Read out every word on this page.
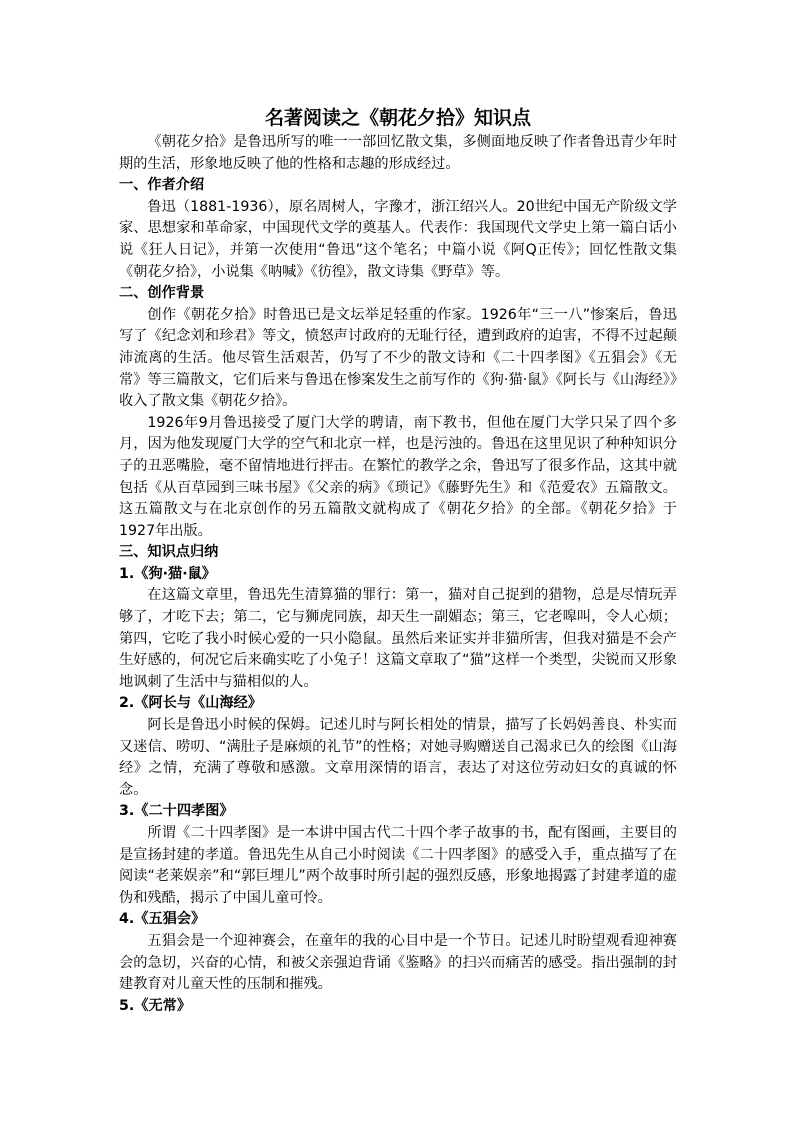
名著阅读之《朝花夕拾》知识点

《朝花夕拾》是鲁迅所写的唯一一部回忆散文集，多侧面地反映了作者鲁迅青少年时期的生活，形象地反映了他的性格和志趣的形成经过。

一、作者介绍

鲁迅（1881-1936），原名周树人，字豫才，浙江绍兴人。20世纪中国无产阶级文学家、思想家和革命家，中国现代文学的奠基人。代表作：我国现代文学史上第一篇白话小说《狂人日记》，并第一次使用“鲁迅”这个笔名；中篇小说《阿Q正传》；回忆性散文集《朝花夕拾》，小说集《呐喊》《彷徨》，散文诗集《野草》等。

二、创作背景

创作《朝花夕拾》时鲁迅已是文坛举足轻重的作家。1926年“三一八”惨案后，鲁迅写了《纪念刘和珍君》等文，愤怒声讨政府的无耻行径，遭到政府的迫害，不得不过起颠沛流离的生活。他尽管生活艰苦，仍写了不少的散文诗和《二十四孝图》《五猖会》《无常》等三篇散文，它们后来与鲁迅在惨案发生之前写作的《狗·猫·鼠》《阿长与《山海经》》收入了散文集《朝花夕拾》。

1926年9月鲁迅接受了厦门大学的聘请，南下教书，但他在厦门大学只呆了四个多月，因为他发现厦门大学的空气和北京一样，也是污浊的。鲁迅在这里见识了种种知识分子的丑恶嘴脸，毫不留情地进行抨击。在繁忙的教学之余，鲁迅写了很多作品，这其中就包括《从百草园到三味书屋》《父亲的病》《琐记》《藤野先生》和《范爱农》五篇散文。这五篇散文与在北京创作的另五篇散文就构成了《朝花夕拾》的全部。《朝花夕拾》于1927年出版。

三、知识点归纳
1.《狗·猫·鼠》

在这篇文章里，鲁迅先生清算猫的罪行：第一，猫对自己捉到的猎物，总是尽情玩弄够了，才吃下去；第二，它与狮虎同族，却天生一副媚态；第三，它老嗥叫，令人心烦；第四，它吃了我小时候心爱的一只小隐鼠。虽然后来证实并非猫所害，但我对猫是不会产生好感的，何况它后来确实吃了小兔子！这篇文章取了“猫”这样一个类型，尖锐而又形象地讽刺了生活中与猫相似的人。

2.《阿长与《山海经》

阿长是鲁迅小时候的保姆。记述儿时与阿长相处的情景，描写了长妈妈善良、朴实而又迷信、唠叨、“满肚子是麻烦的礼节”的性格；对她寻购赠送自己渴求已久的绘图《山海经》之情，充满了尊敬和感激。文章用深情的语言，表达了对这位劳动妇女的真诚的怀念。

3.《二十四孝图》

所谓《二十四孝图》是一本讲中国古代二十四个孝子故事的书，配有图画，主要目的是宣扬封建的孝道。鲁迅先生从自己小时阅读《二十四孝图》的感受入手，重点描写了在阅读“老莱娱亲”和“郭巨埋儿”两个故事时所引起的强烈反感，形象地揭露了封建孝道的虚伪和残酷，揭示了中国儿童可怜。

4.《五猖会》

五猖会是一个迎神赛会，在童年的我的心目中是一个节日。记述儿时盼望观看迎神赛会的急切，兴奋的心情，和被父亲强迫背诵《鉴略》的扫兴而痛苦的感受。指出强制的封建教育对儿童天性的压制和摧残。

5.《无常》
